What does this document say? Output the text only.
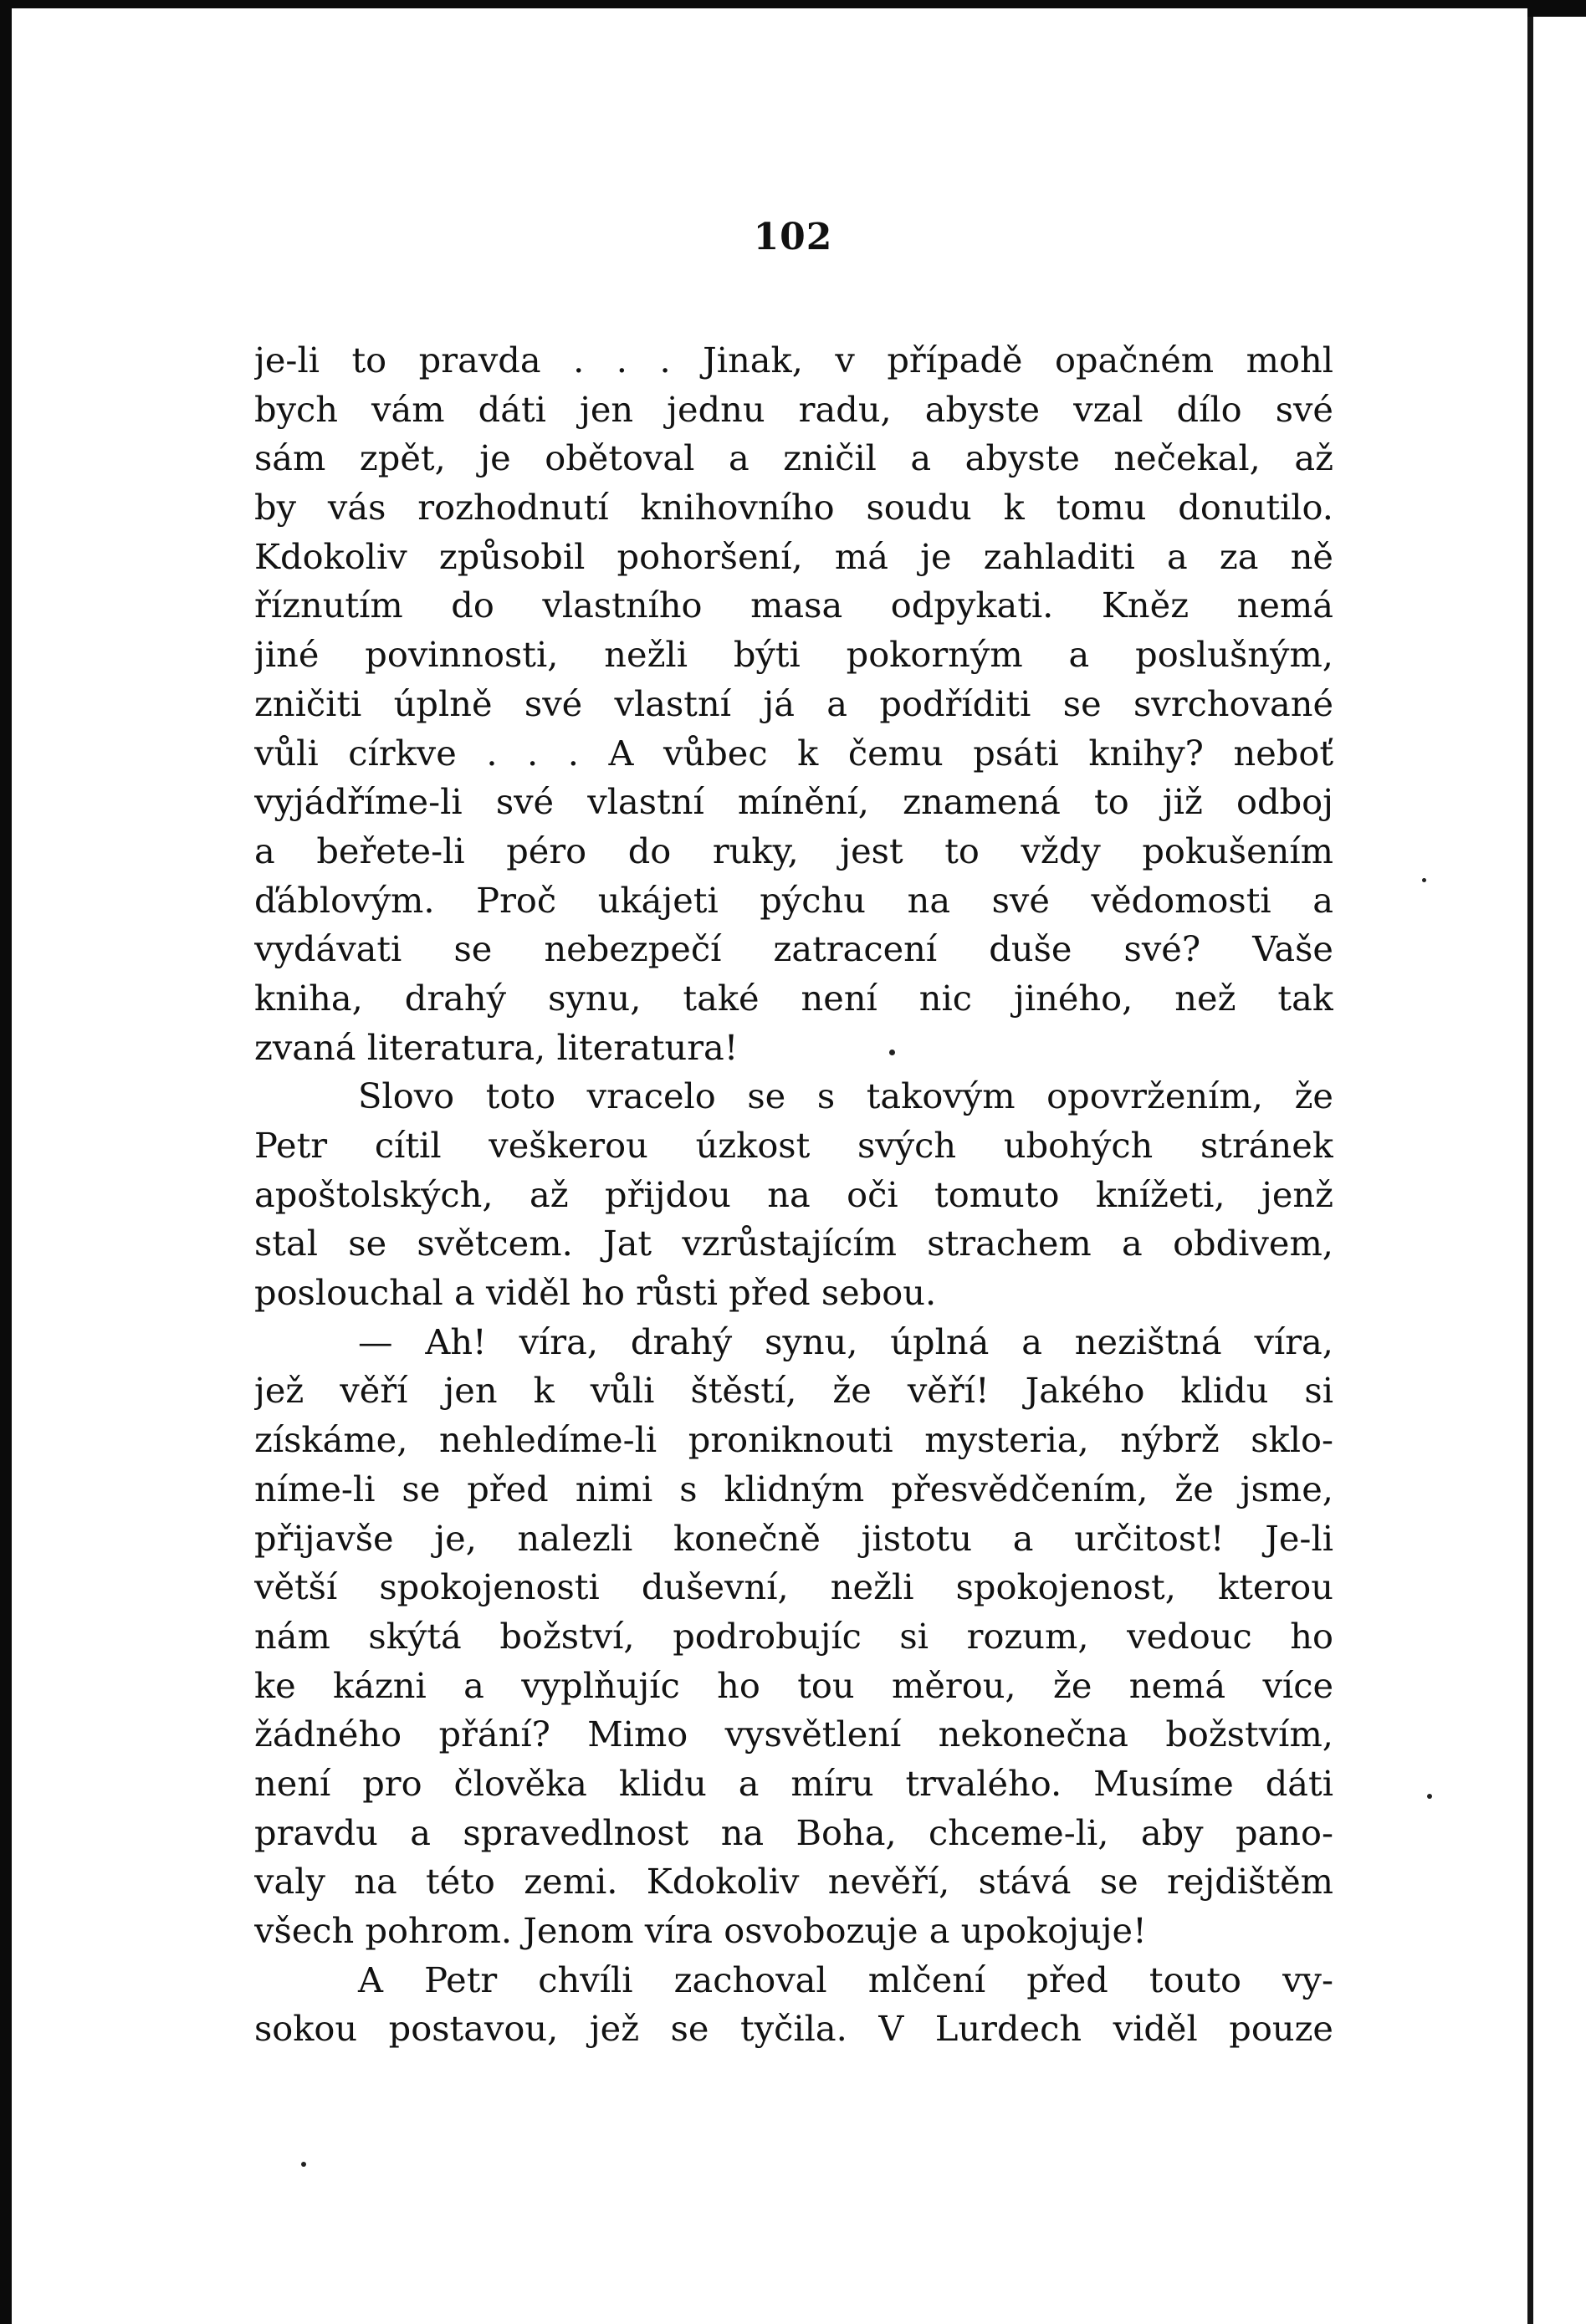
102
je-li to pravda . . . Jinak, v případě opačném mohl
bych vám dáti jen jednu radu, abyste vzal dílo své
sám zpět, je obětoval a zničil a abyste nečekal, až
by vás rozhodnutí knihovního soudu k tomu donutilo.
Kdokoliv způsobil pohoršení, má je zahladiti a za ně
říznutím do vlastního masa odpykati. Kněz nemá
jiné povinnosti, nežli býti pokorným a poslušným,
zničiti úplně své vlastní já a podříditi se svrchované
vůli církve . . . A vůbec k čemu psáti knihy? neboť
vyjádříme-li své vlastní mínění, znamená to již odboj
a beřete-li péro do ruky, jest to vždy pokušením
ďáblovým. Proč ukájeti pýchu na své vědomosti a
vydávati se nebezpečí zatracení duše své? Vaše
kniha, drahý synu, také není nic jiného, než tak
zvaná literatura, literatura!
Slovo toto vracelo se s takovým opovržením, že
Petr cítil veškerou úzkost svých ubohých stránek
apoštolských, až přijdou na oči tomuto knížeti, jenž
stal se světcem. Jat vzrůstajícím strachem a obdivem,
poslouchal a viděl ho růsti před sebou.
— Ah! víra, drahý synu, úplná a nezištná víra,
jež věří jen k vůli štěstí, že věří! Jakého klidu si
získáme, nehledíme-li proniknouti mysteria, nýbrž sklo-
níme-li se před nimi s klidným přesvědčením, že jsme,
přijavše je, nalezli konečně jistotu a určitost! Je-li
větší spokojenosti duševní, nežli spokojenost, kterou
nám skýtá božství, podrobujíc si rozum, vedouc ho
ke kázni a vyplňujíc ho tou měrou, že nemá více
žádného přání? Mimo vysvětlení nekonečna božstvím,
není pro člověka klidu a míru trvalého. Musíme dáti
pravdu a spravedlnost na Boha, chceme-li, aby pano-
valy na této zemi. Kdokoliv nevěří, stává se rejdištěm
všech pohrom. Jenom víra osvobozuje a upokojuje!
A Petr chvíli zachoval mlčení před touto vy-
sokou postavou, jež se tyčila. V Lurdech viděl pouze
